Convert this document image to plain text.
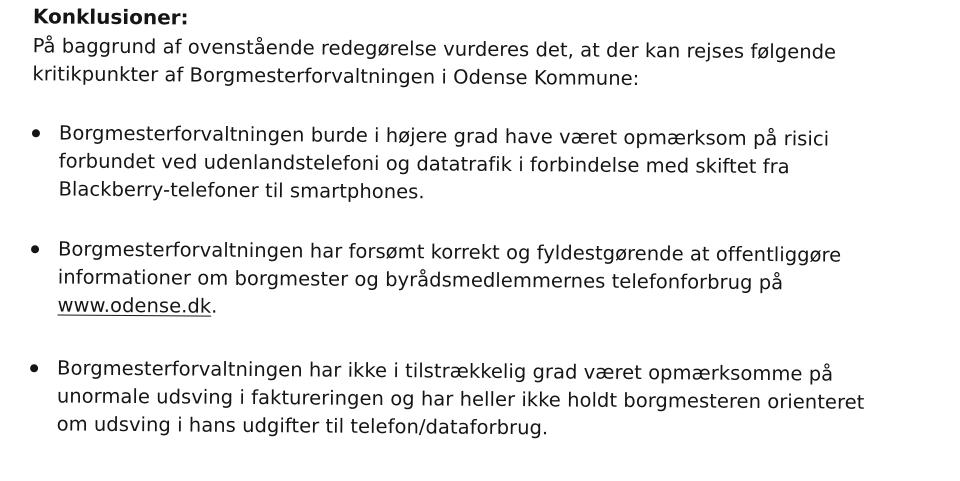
Konklusioner:
På baggrund af ovenstående redegørelse vurderes det, at der kan rejses følgende
kritikpunkter af Borgmesterforvaltningen i Odense Kommune:
Borgmesterforvaltningen burde i højere grad have været opmærksom på risici
forbundet ved udenlandstelefoni og datatrafik i forbindelse med skiftet fra
Blackberry-telefoner til smartphones.
Borgmesterforvaltningen har forsømt korrekt og fyldestgørende at offentliggøre
informationer om borgmester og byrådsmedlemmernes telefonforbrug på
www.odense.dk.
Borgmesterforvaltningen har ikke i tilstrækkelig grad været opmærksomme på
unormale udsving i faktureringen og har heller ikke holdt borgmesteren orienteret
om udsving i hans udgifter til telefon/dataforbrug.
